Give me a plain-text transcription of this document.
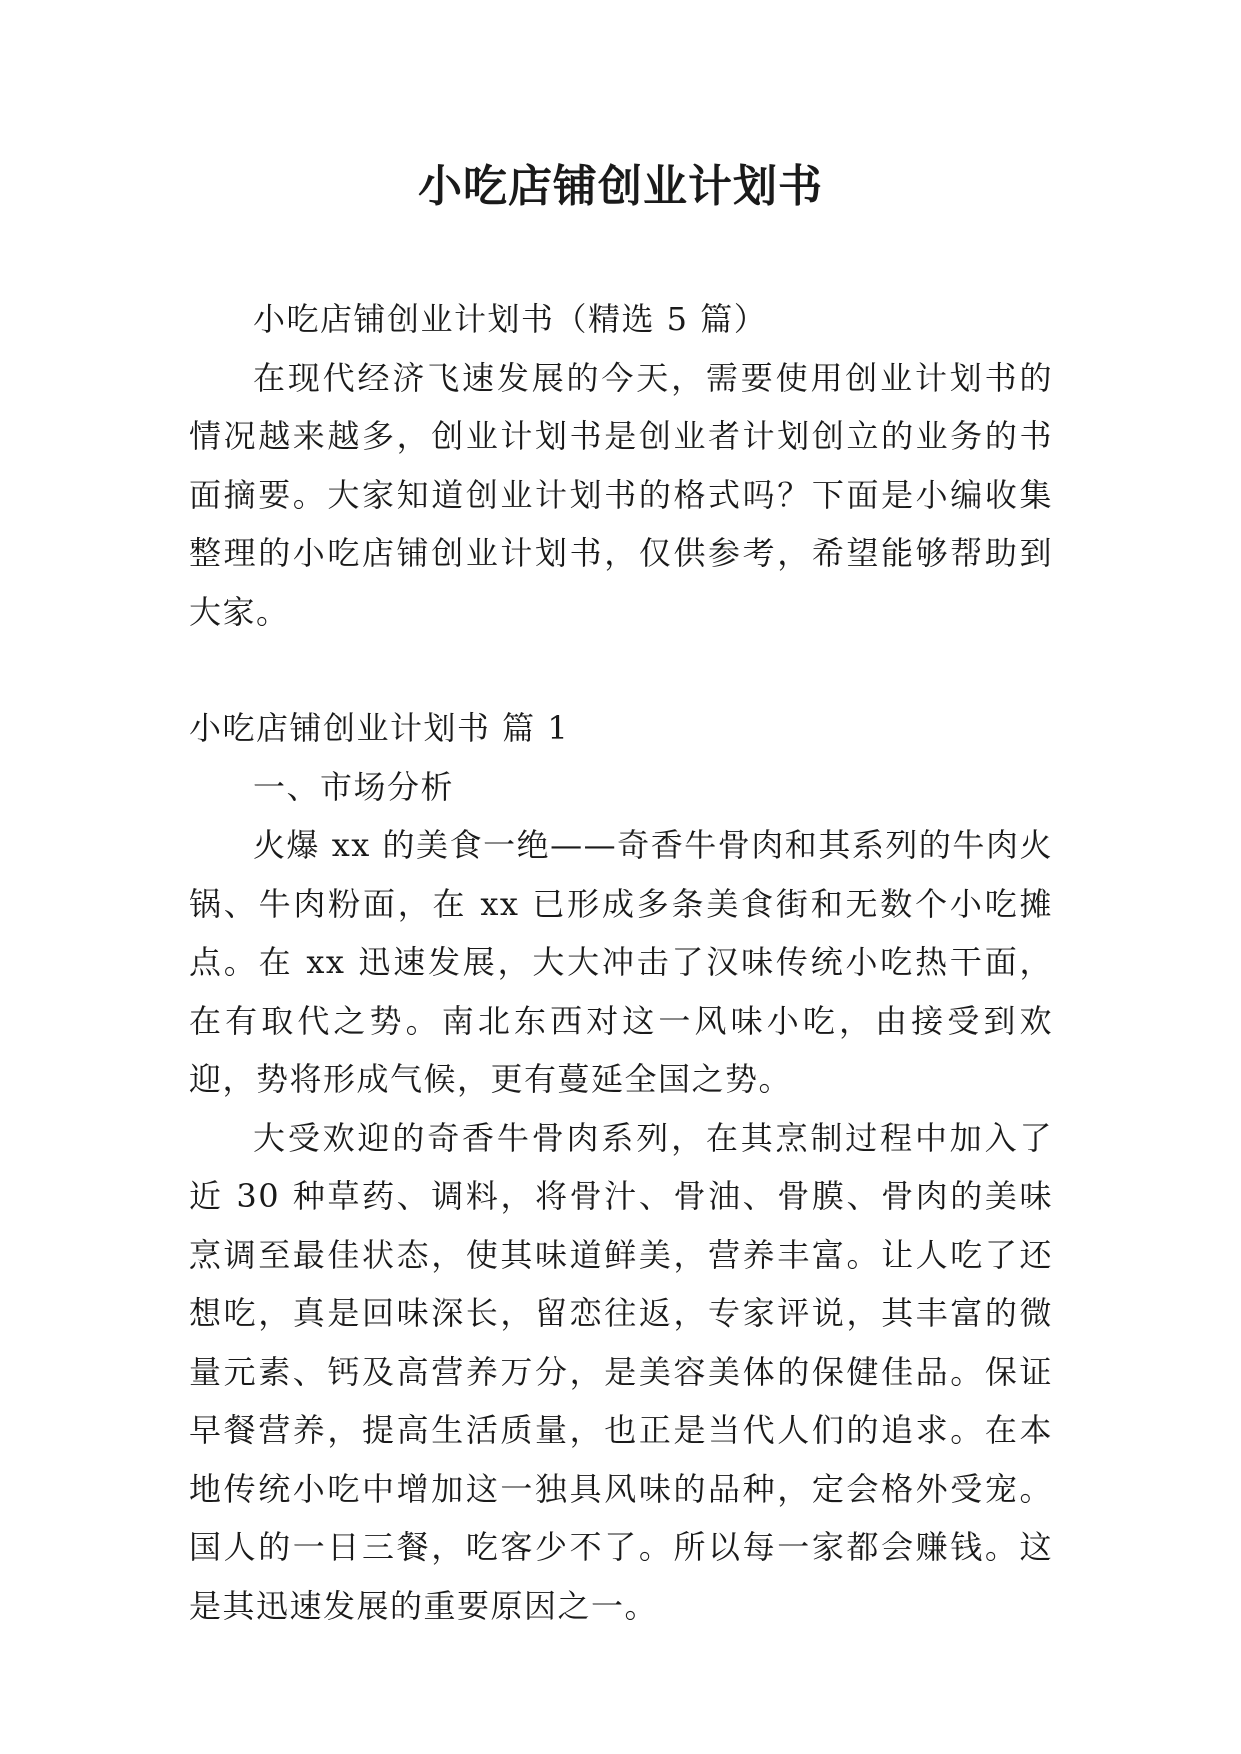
小吃店铺创业计划书

小吃店铺创业计划书（精选 5 篇）

在现代经济飞速发展的今天，需要使用创业计划书的情况越来越多，创业计划书是创业者计划创立的业务的书面摘要。大家知道创业计划书的格式吗？下面是小编收集整理的小吃店铺创业计划书，仅供参考，希望能够帮助到大家。

小吃店铺创业计划书 篇 1

一、市场分析

火爆 xx 的美食一绝——奇香牛骨肉和其系列的牛肉火锅、牛肉粉面，在 xx 已形成多条美食街和无数个小吃摊点。在 xx 迅速发展，大大冲击了汉味传统小吃热干面，在有取代之势。南北东西对这一风味小吃，由接受到欢迎，势将形成气候，更有蔓延全国之势。

大受欢迎的奇香牛骨肉系列，在其烹制过程中加入了近 30 种草药、调料，将骨汁、骨油、骨膜、骨肉的美味烹调至最佳状态，使其味道鲜美，营养丰富。让人吃了还想吃，真是回味深长，留恋往返，专家评说，其丰富的微量元素、钙及高营养万分，是美容美体的保健佳品。保证早餐营养，提高生活质量，也正是当代人们的追求。在本地传统小吃中增加这一独具风味的品种，定会格外受宠。国人的一日三餐，吃客少不了。所以每一家都会赚钱。这是其迅速发展的重要原因之一。
